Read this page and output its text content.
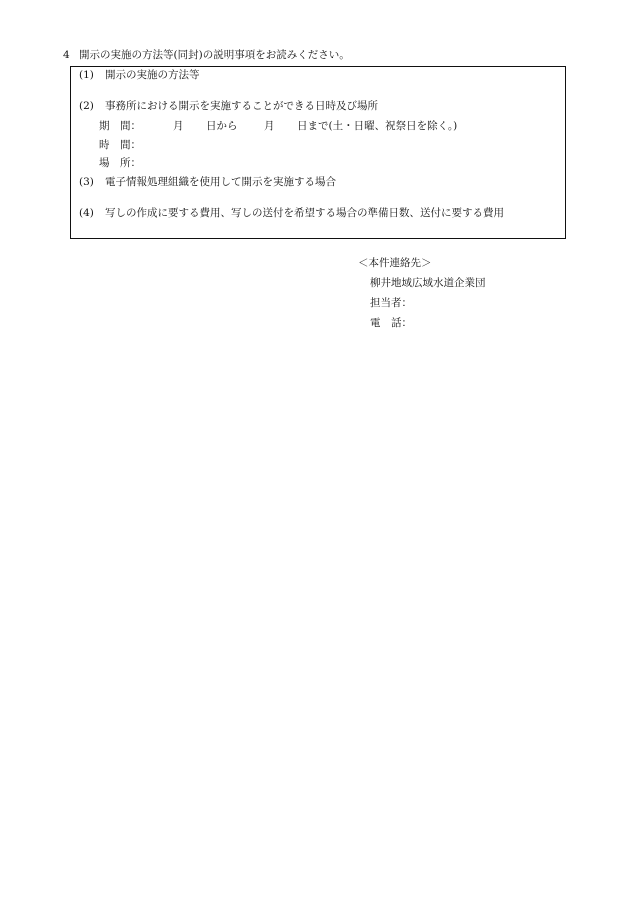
4 開示の実施の方法等(同封)の説明事項をお読みください。
(1) 開示の実施の方法等
(2) 事務所における開示を実施することができる日時及び場所
期　間：	月 日から	月 日まで(土・日曜、祝祭日を除く。)
時　間：
場　所：
(3) 電子情報処理組織を使用して開示を実施する場合
(4) 写しの作成に要する費用、写しの送付を希望する場合の準備日数、送付に要する費用
＜本件連絡先＞
柳井地域広域水道企業団
担当者：
電　話：
